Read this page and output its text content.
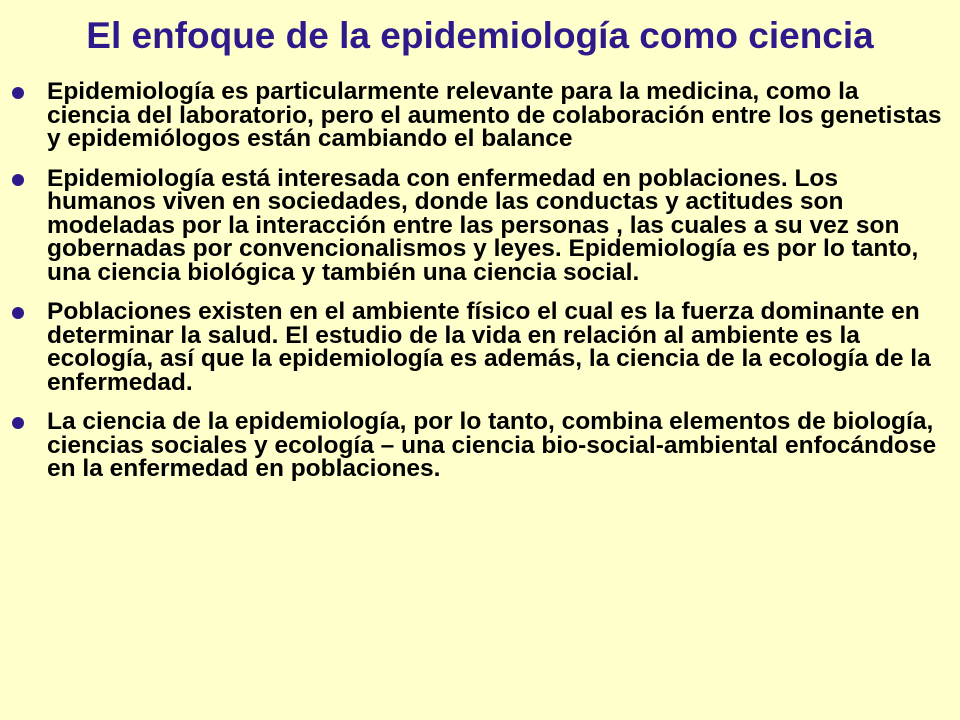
El enfoque de la epidemiología como ciencia
Epidemiología es particularmente relevante para la medicina, como la ciencia del laboratorio, pero el aumento de colaboración entre los genetistas y epidemiólogos están cambiando el balance
Epidemiología está interesada con enfermedad en poblaciones. Los humanos viven en sociedades, donde las conductas y actitudes son modeladas por la interacción entre las personas , las cuales a su vez son gobernadas por convencionalismos y leyes. Epidemiología es por lo tanto, una ciencia biológica y también una ciencia social.
Poblaciones existen en el ambiente físico el cual es la fuerza dominante en determinar la salud. El estudio de la vida en relación al ambiente es la ecología, así que la epidemiología es además, la ciencia de la ecología de la enfermedad.
La ciencia de la epidemiología, por lo tanto, combina elementos de biología, ciencias sociales y ecología – una ciencia bio-social-ambiental enfocándose en la enfermedad en poblaciones.
